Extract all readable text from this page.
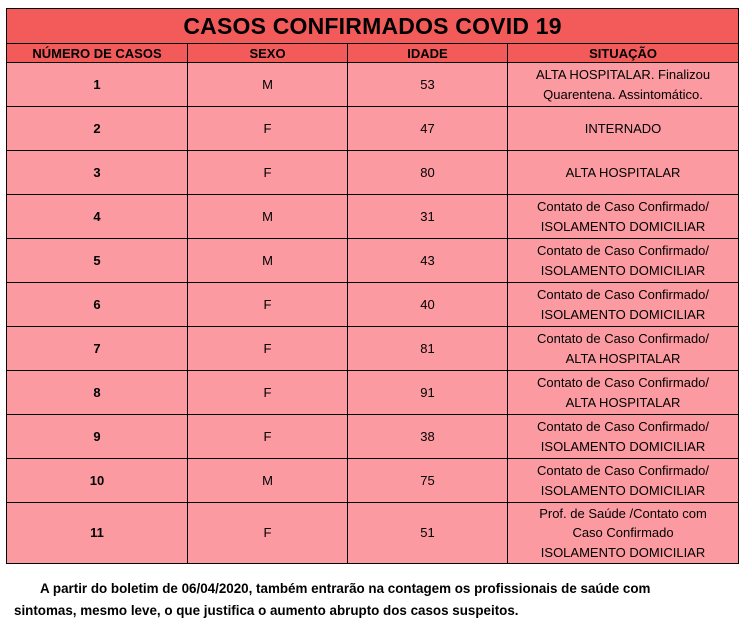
CASOS CONFIRMADOS COVID 19			
NÚMERO DE CASOS	SEXO	IDADE	SITUAÇÃO
1	M	53	ALTA HOSPITALAR. Finalizou
Quarentena. Assintomático.

2	F	47	INTERNADO

3	F	80	ALTA HOSPITALAR

4	M	31	Contato de Caso Confirmado/
ISOLAMENTO DOMICILIAR

5	M	43	Contato de Caso Confirmado/
ISOLAMENTO DOMICILIAR

6	F	40	Contato de Caso Confirmado/
ISOLAMENTO DOMICILIAR

7	F	81	Contato de Caso Confirmado/
ALTA HOSPITALAR

8	F	91	Contato de Caso Confirmado/
ALTA HOSPITALAR

9	F	38	Contato de Caso Confirmado/
ISOLAMENTO DOMICILIAR

10	M	75	Contato de Caso Confirmado/
ISOLAMENTO DOMICILIAR

11	F	51	Prof. de Saúde /Contato com
Caso Confirmado
ISOLAMENTO DOMICILIAR
A partir do boletim de 06/04/2020, também entrarão na contagem os profissionais de saúde com
sintomas, mesmo leve, o que justifica o aumento abrupto dos casos suspeitos.
